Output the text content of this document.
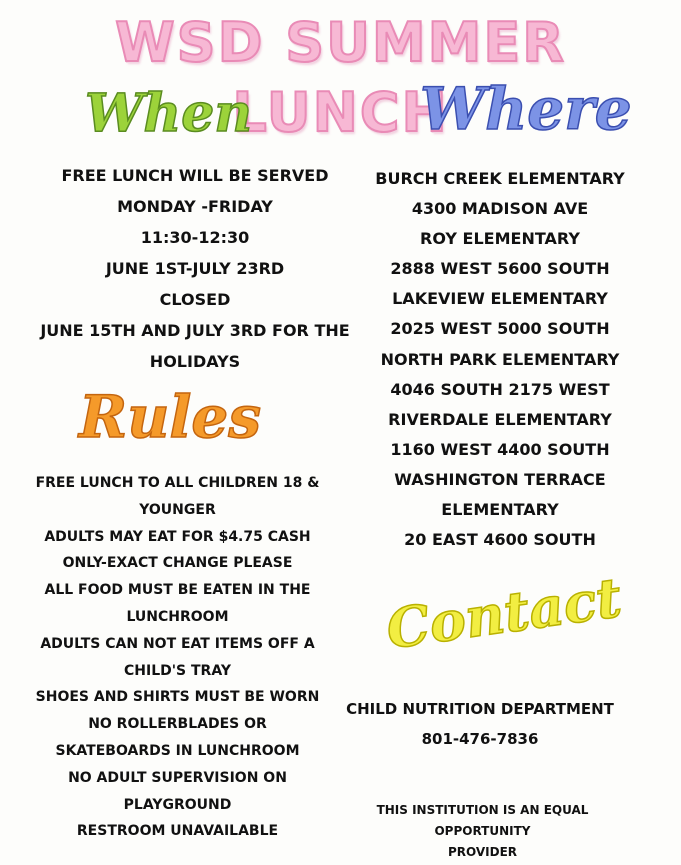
WSD SUMMER LUNCH
When	Where
Rules
Contact
FREE LUNCH WILL BE SERVED
MONDAY -FRIDAY
11:30-12:30
JUNE 1ST-JULY 23RD
CLOSED
JUNE 15TH AND JULY 3RD FOR THE
HOLIDAYS
BURCH CREEK ELEMENTARY
4300 MADISON AVE
ROY ELEMENTARY
2888 WEST 5600 SOUTH
LAKEVIEW ELEMENTARY
2025 WEST 5000 SOUTH
NORTH PARK ELEMENTARY
4046 SOUTH 2175 WEST
RIVERDALE ELEMENTARY
1160 WEST 4400 SOUTH
WASHINGTON TERRACE ELEMENTARY
20 EAST 4600 SOUTH
FREE LUNCH TO ALL CHILDREN 18 &
YOUNGER
ADULTS MAY EAT FOR $4.75 CASH
ONLY-EXACT CHANGE PLEASE
ALL FOOD MUST BE EATEN IN THE
LUNCHROOM
ADULTS CAN NOT EAT ITEMS OFF A
CHILD'S TRAY
SHOES AND SHIRTS MUST BE WORN
NO ROLLERBLADES OR
SKATEBOARDS IN LUNCHROOM
NO ADULT SUPERVISION ON
PLAYGROUND
RESTROOM UNAVAILABLE
CHILD NUTRITION DEPARTMENT
801-476-7836
THIS INSTITUTION IS AN EQUAL OPPORTUNITY
PROVIDER
